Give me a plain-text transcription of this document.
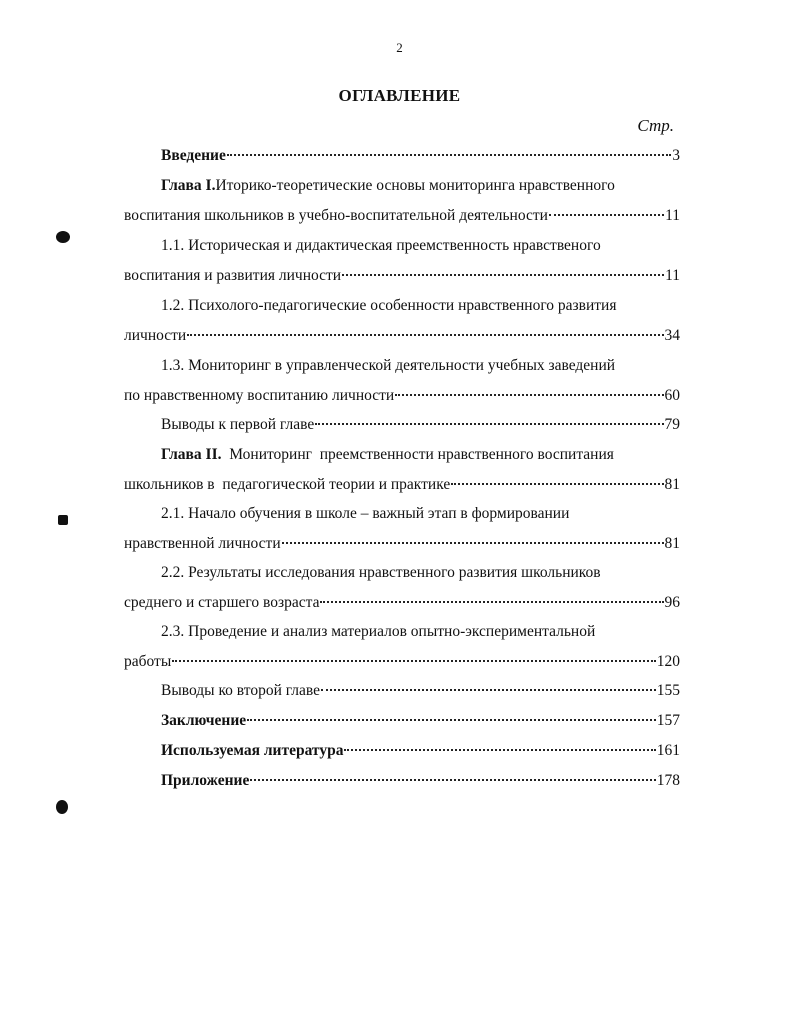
2
ОГЛАВЛЕНИЕ
Стр.
Введение	3
Глава I. Иторико-теоретические основы мониторинга нравственного
воспитания школьников в учебно-воспитательной деятельности	11
1.1. Историческая и дидактическая преемственность нравственого
воспитания и развития личности	11
1.2. Психолого-педагогические особенности нравственного развития
личности	34
1.3. Мониторинг в управленческой деятельности учебных заведений
по нравственному воспитанию личности	60
Выводы к первой главе	79
Глава II. Мониторинг  преемственности нравственного воспитания
школьников в  педагогической теории и практике	81
2.1. Начало обучения в школе – важный этап в формировании
нравственной личности	81
2.2. Результаты исследования нравственного развития школьников
среднего и старшего возраста	96
2.3. Проведение и анализ материалов опытно-экспериментальной
работы	120
Выводы ко второй главе	155
Заключение	157
Используемая литература	161
Приложение	178
